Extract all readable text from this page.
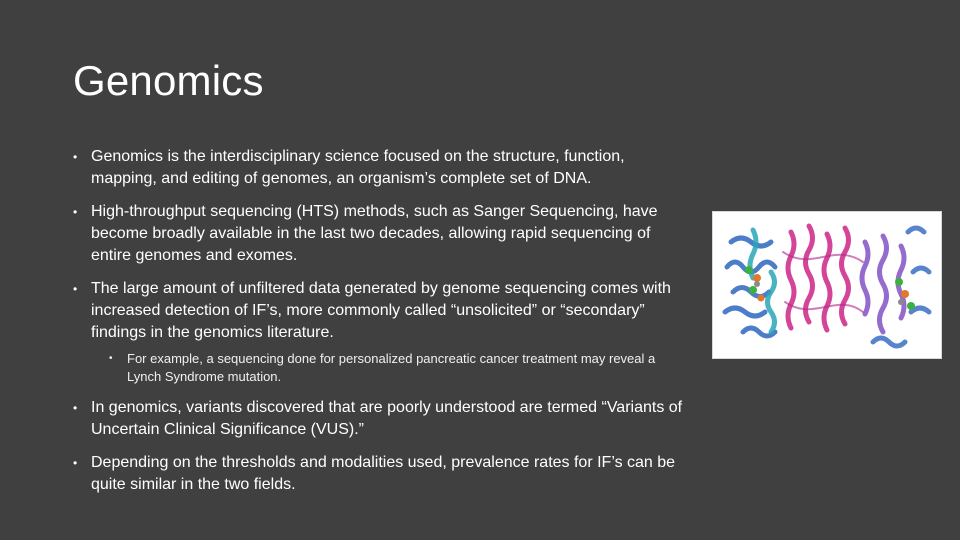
Genomics
• Genomics is the interdisciplinary science focused on the structure, function, mapping, and editing of genomes, an organism’s complete set of DNA.
• High-throughput sequencing (HTS) methods, such as Sanger Sequencing, have become broadly available in the last two decades, allowing rapid sequencing of entire genomes and exomes.
• The large amount of unfiltered data generated by genome sequencing comes with increased detection of IF’s, more commonly called “unsolicited” or “secondary” findings in the genomics literature.
• For example, a sequencing done for personalized pancreatic cancer treatment may reveal a Lynch Syndrome mutation.
• In genomics, variants discovered that are poorly understood are termed “Variants of Uncertain Clinical Significance (VUS).”
• Depending on the thresholds and modalities used, prevalence rates for IF’s can be quite similar in the two fields.
